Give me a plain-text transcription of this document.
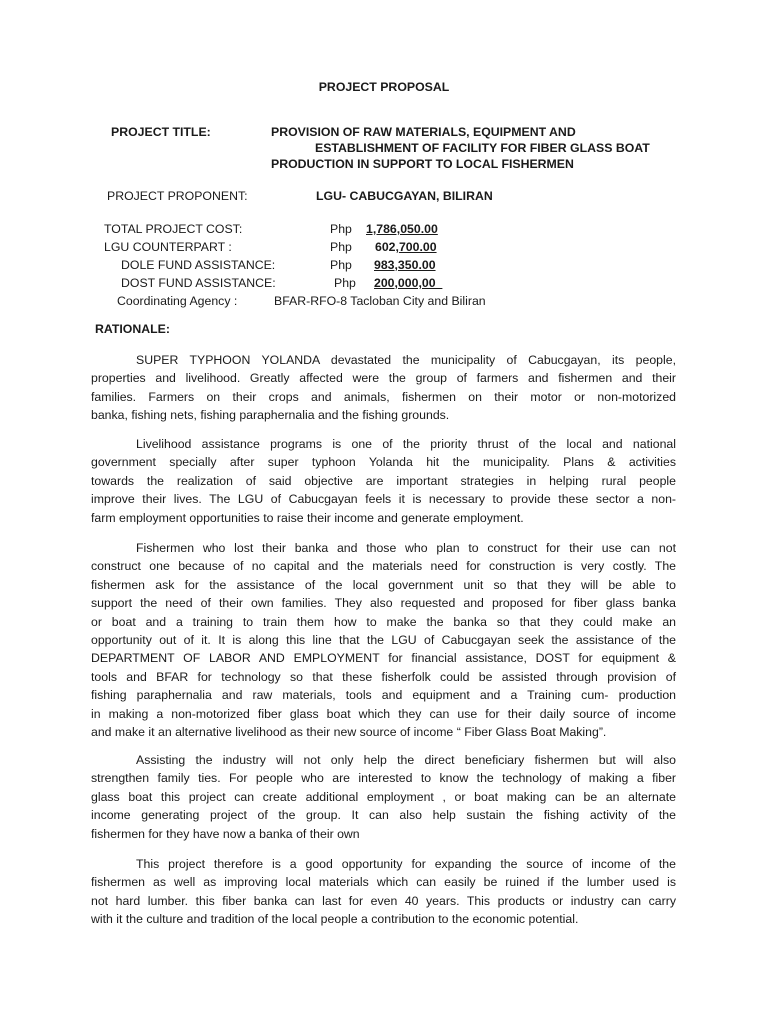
PROJECT PROPOSAL
PROJECT TITLE:	PROVISION OF RAW MATERIALS, EQUIPMENT AND
ESTABLISHMENT OF FACILITY FOR FIBER GLASS BOAT
PRODUCTION IN SUPPORT TO LOCAL FISHERMEN
PROJECT PROPONENT:	LGU- CABUCGAYAN, BILIRAN
TOTAL PROJECT COST:	Php 1,786,050.00
LGU COUNTERPART :	Php 602,700.00
DOLE FUND ASSISTANCE:	Php 983,350.00
DOST FUND ASSISTANCE:	Php 200,000,00
Coordinating Agency :	BFAR-RFO-8 Tacloban City and Biliran
RATIONALE:
SUPER TYPHOON YOLANDA devastated the municipality of Cabucgayan, its people,
properties and livelihood. Greatly affected were the group of farmers and fishermen and their
families. Farmers on their crops and animals, fishermen on their motor or non-motorized
banka, fishing nets, fishing paraphernalia and the fishing grounds.
Livelihood assistance programs is one of the priority thrust of the local and national
government specially after super typhoon Yolanda hit the municipality. Plans & activities
towards the realization of said objective are important strategies in helping rural people
improve their lives. The LGU of Cabucgayan feels it is necessary to provide these sector a non-
farm employment opportunities to raise their income and generate employment.
Fishermen who lost their banka and those who plan to construct for their use can not
construct one because of no capital and the materials need for construction is very costly. The
fishermen ask for the assistance of the local government unit so that they will be able to
support the need of their own families. They also requested and proposed for fiber glass banka
or boat and a training to train them how to make the banka so that they could make an
opportunity out of it. It is along this line that the LGU of Cabucgayan seek the assistance of the
DEPARTMENT OF LABOR AND EMPLOYMENT for financial assistance, DOST for equipment &
tools and BFAR for technology so that these fisherfolk could be assisted through provision of
fishing paraphernalia and raw materials, tools and equipment and a Training cum- production
in making a non-motorized fiber glass boat which they can use for their daily source of income
and make it an alternative livelihood as their new source of income “ Fiber Glass Boat Making”.
Assisting the industry will not only help the direct beneficiary fishermen but will also
strengthen family ties. For people who are interested to know the technology of making a fiber
glass boat this project can create additional employment , or boat making can be an alternate
income generating project of the group. It can also help sustain the fishing activity of the
fishermen for they have now a banka of their own
This project therefore is a good opportunity for expanding the source of income of the
fishermen as well as improving local materials which can easily be ruined if the lumber used is
not hard lumber. this fiber banka can last for even 40 years. This products or industry can carry
with it the culture and tradition of the local people a contribution to the economic potential.
